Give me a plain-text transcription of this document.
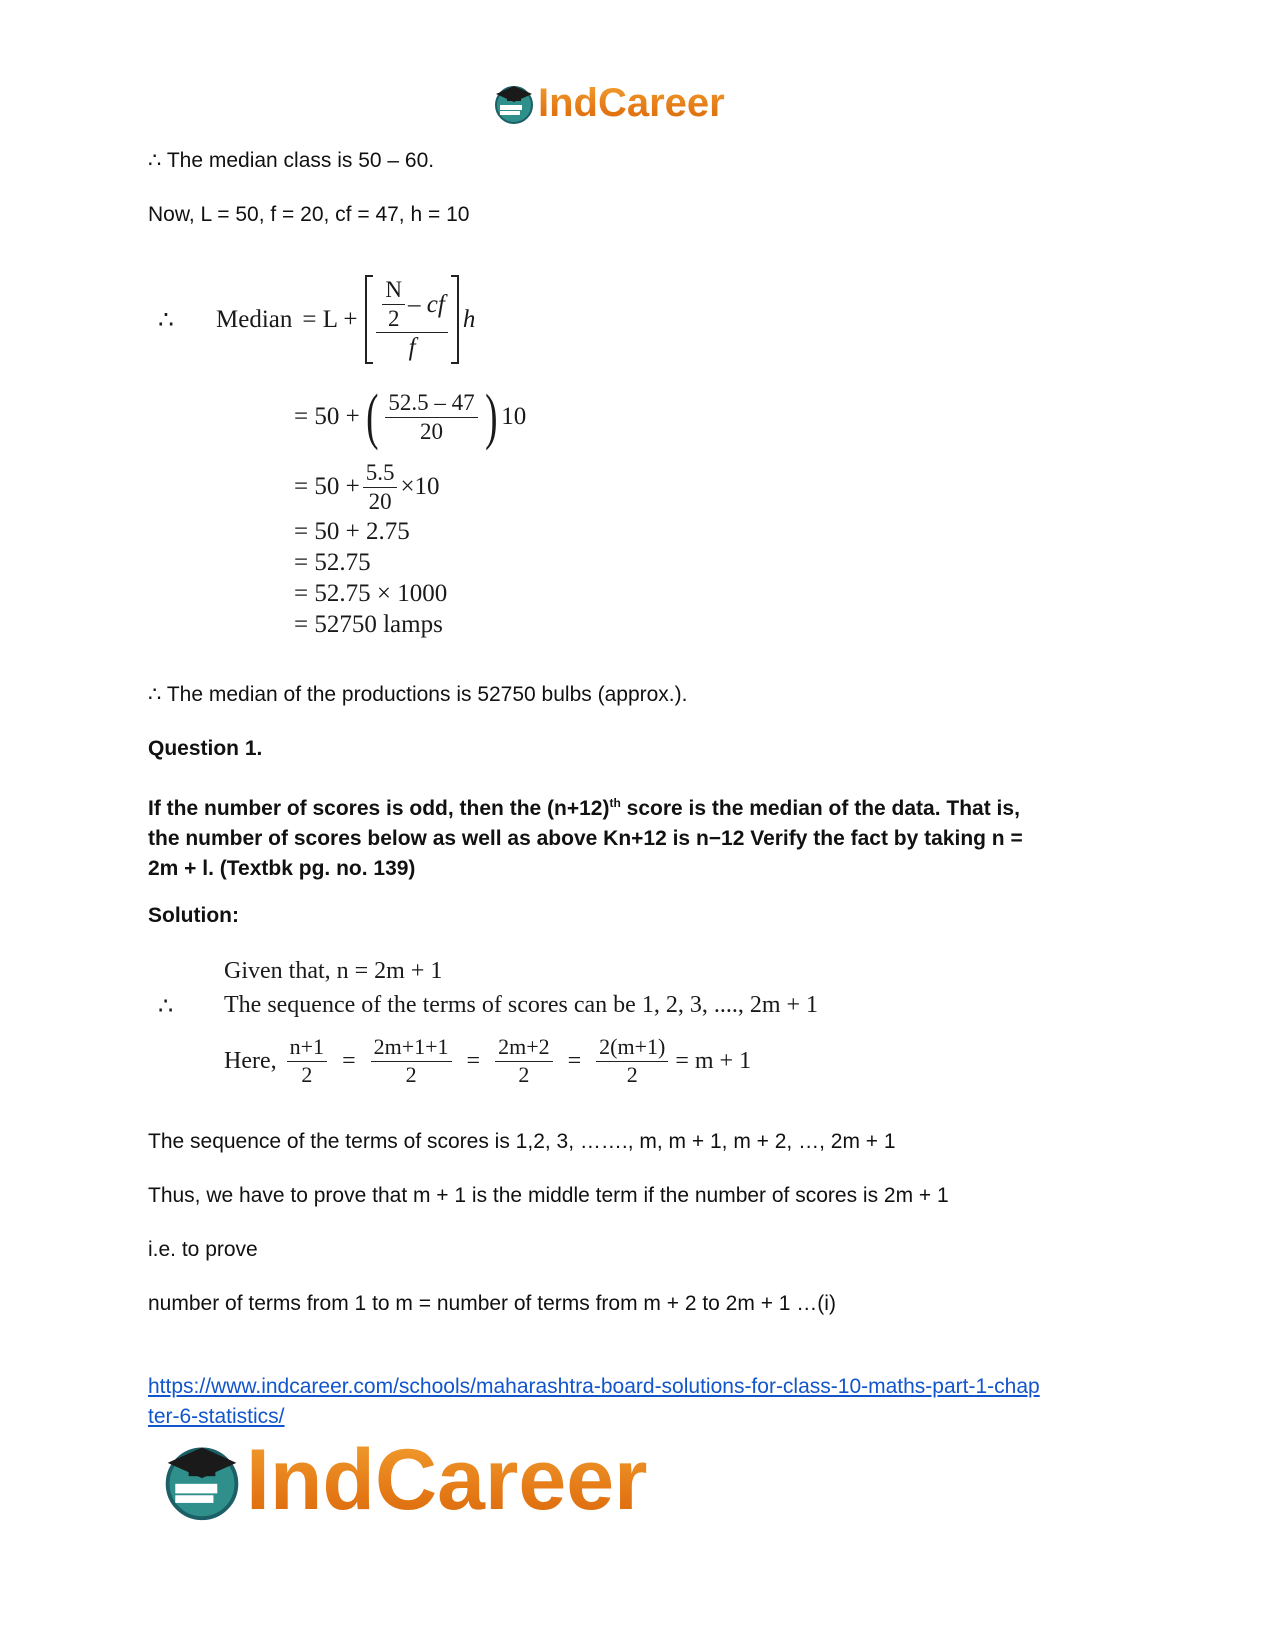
IndCareer
∴ The median class is 50 – 60.
Now, L = 50, f = 20, cf = 47, h = 10
∴	Median = $L + \frac{\frac{N}{2} - cf}{f}$ h
= 50 + ( $\frac{52.5 - 47}{20}$ ) 10
= $50 + \frac{5.5}{20} \times 10$
= 50 + 2.75
= 52.75
= 52.75 × 1000
= 52750 lamps
∴ The median of the productions is 52750 bulbs (approx.).
Question 1.
If the number of scores is odd, then the $(n+12)^{th}$ score is the median of the data. That is,
the number of scores below as well as above Kn+12 is n−12 Verify the fact by taking n =
2m + l. (Textbk pg. no. 139)
Solution:
Given that, n = 2m + 1
∴ The sequence of the terms of scores can be 1, 2, 3, ...., 2m + 1
Here, $\frac{n+1}{2} = \frac{2m+1+1}{2} = \frac{2m+2}{2} = \frac{2(m+1)}{2} = m + 1$
The sequence of the terms of scores is 1,2, 3, ……., m, m + 1, m + 2, …, 2m + 1
Thus, we have to prove that m + 1 is the middle term if the number of scores is 2m + 1
i.e. to prove
number of terms from 1 to m = number of terms from m + 2 to 2m + 1 …(i)
https://www.indcareer.com/schools/maharashtra-board-solutions-for-class-10-maths-part-1-chap
ter-6-statistics/
IndCareer
